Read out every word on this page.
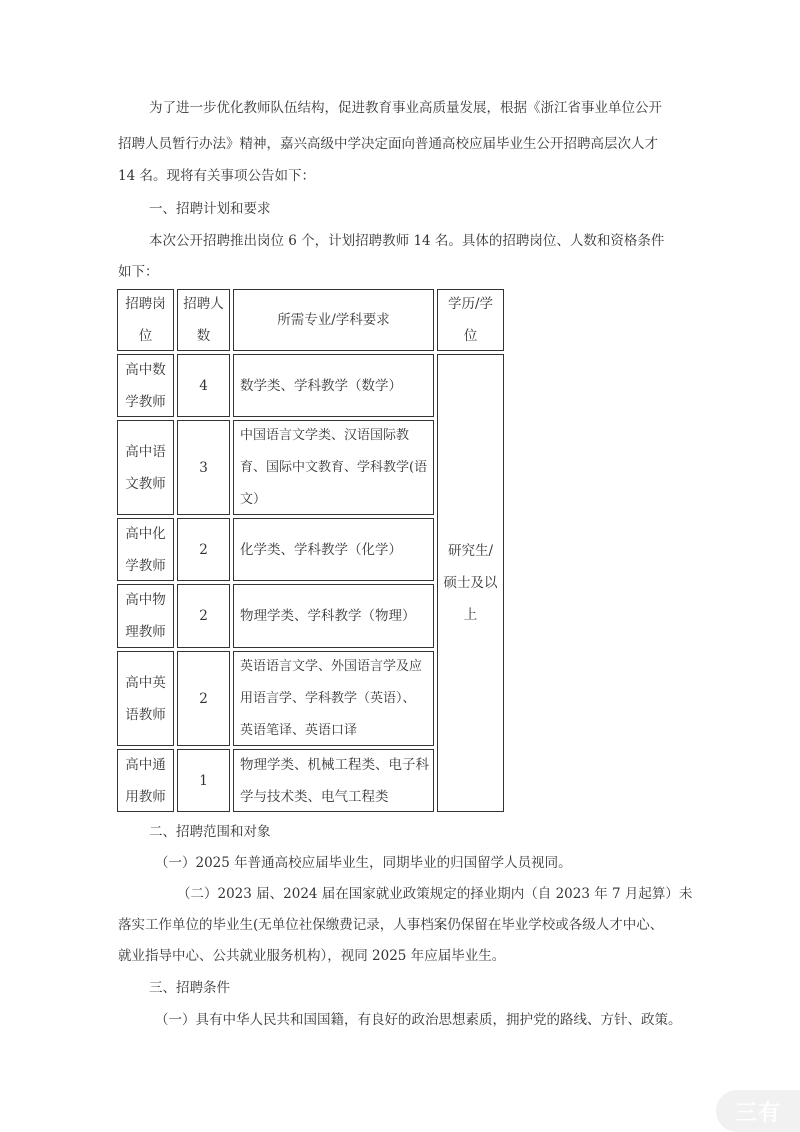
为了进一步优化教师队伍结构，促进教育事业高质量发展，根据《浙江省事业单位公开
招聘人员暂行办法》精神，嘉兴高级中学决定面向普通高校应届毕业生公开招聘高层次人才
14 名。现将有关事项公告如下：
一、招聘计划和要求
本次公开招聘推出岗位 6 个，计划招聘教师 14 名。具体的招聘岗位、人数和资格条件
如下：
招聘岗
位
招聘人
数
所需专业/学科要求
学历/学
位
高中数
学教师
4 数学类、学科教学（数学）
高中语
文教师
3
中国语言文学类、汉语国际教
育、国际中文教育、学科教学(语
文）
高中化
学教师
2 化学类、学科教学（化学）
高中物
理教师
2 物理学类、学科教学（物理）
高中英
语教师
2
英语语言文学、外国语言学及应
用语言学、学科教学（英语）、
英语笔译、英语口译
高中通
用教师
1
物理学类、机械工程类、电子科
学与技术类、电气工程类
研究生/
硕士及以
上
二、招聘范围和对象
（一）2025 年普通高校应届毕业生，同期毕业的归国留学人员视同。
（二）2023 届、2024 届在国家就业政策规定的择业期内（自 2023 年 7 月起算）未
落实工作单位的毕业生(无单位社保缴费记录，人事档案仍保留在毕业学校或各级人才中心、
就业指导中心、公共就业服务机构），视同 2025 年应届毕业生。
三、招聘条件
（一）具有中华人民共和国国籍，有良好的政治思想素质，拥护党的路线、方针、政策。
三有
